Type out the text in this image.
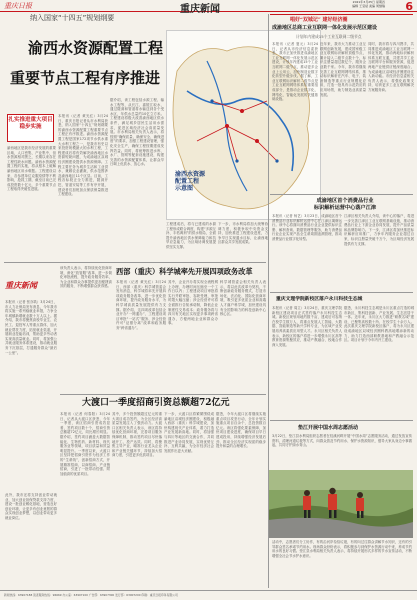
重庆日报	重庆新闻
2021年3月25日 星期四
编辑 王莹斌 美编 周继瑞 6
纳入国家“十四五”规划纲要
渝西水资源配置工程
重要节点工程有序推进
扎实推进重大项目稳步实施
本报讯（记者 黄光红）3月24日，重庆日报记者从市水利局获悉，纳入国家“十四五”规划纲要的渝西水资源配置工程重要节点工程正有序推进。渝西水资源配置工程是国家172项节水供水重大水利工程之一，是我市有史以来投资规模最大的水利工程，工程建成后将有效解决渝西地区水资源短缺问题，为成渝地区双城经济圈建设提供水资源保障。工程主要任务为城乡生活和工业供水，兼顾农业灌溉，供水范围涉及渝西地区11个区县。目前，工程各标段正全力推进，隧洞开挖、管道安装等工作有序开展，建设者们加班加点保质保量推进工程建设。
据介绍，该工程包括水源工程、输水工程等，从长江、嘉陵江取水，通过隧洞和管道将水输送到各个受水区，年供水总量约10亿立方米。工程建设将极大改善渝西地区供水条件，满足城乡居民生活用水需求，促进区域经济社会高质量发展。市水利局相关负责人表示，将按照“确保质量、确保安全、确保进度”的要求，加强工程建设管理，强化安全生产，确保工程按期建成发挥效益。同时，将统筹推进水库、水厂、管网等配套设施建设，构建完善的水资源配置体系，让群众早日喝上优质水、放心水。
渝西地区是我市经济发展的重要区域，人口密集、产业集中，但水资源相对匮乏，长期以来存在工程性缺水问题。渝西水资源配置工程的实施，将从根本上破解渝西地区用水难题。工程建设以来，各参建单位克服疫情等不利影响，抢抓工期，截至目前已完成投资数十亿元，多个重要节点工程取得突破性进展。
渝西水资源
配置工程
示意图
工程建成后，将与已建成的水源工程形成联合调度，构建“多源互补、丰枯调剂”的供水格局，全面提升渝西地区供水保障能力和抗旱应急能力，为区域协调发展提供坚实支撑。
下一步，市水利局将加大统筹协调力度，积极争取中央资金支持，加快推进工程建设进度，力争早日实现通水目标，让渝西地区群众共享发展成果。
唱好“双城记” 建好经济圈
成渝地区总商工业互联网一体化发展示范区建设
计划年内建成15个工业互联网二级节点
本报讯（记者 夏元）3月24日，记者从市经济信息委获悉，我市正加快推进成渝地区工业互联网一体化发展示范区建设，计划年内建成15个工业互联网二级节点，推动更多企业上云用云，加快制造业数字化转型升级步伐。据了解，工业互联网标识解析二级节点是工业互联网网络体系的重要组成部分，是推动企业数字化、网络化、智能化发展的关键基础设施。
近年来，我市大力推动工业互联网创新发展，建成国家级工业互联网标识解析顶级节点，累计接入二级节点数十个，标识注册量超过数亿个，服务企业数千家。今年，我市将继续完善工业互联网网络体系，推动标识解析在汽车、电子、装备制造等重点行业规模化应用，打造一批具有示范效应的应用场景，助力制造业高质量发展。
同时，我市将与四川携手，共同推进成渝地区工业互联网一体化发展，推动两地标识解析体系互联互通，共建共享工业互联网平台和服务资源，促进两地产业链供应链深度融合，为成渝地区双城经济圈建设注入新动能。市经济信息委相关负责人表示，将强化政策支持，培育更多工业互联网解决方案服务商。
成渝地区首个消费品行业
标识解析运营中心落户江津
本报讯（记者 杨艺）3月23日，成渝地区首个消费品行业标识解析运营中心在江津区揭牌运行。该中心将面向消费品行业企业提供标识注册、解析查询、数据管理等服务，助力消费品行业企业实现产品全生命周期追溯管理，推动消费品行业数字化转型。
江津区相关负责人介绍，该中心的落户，将进一步完善江津区工业互联网基础设施，推动消费品行业上下游企业协同发展，提升产品质量和品牌影响力。下一步，江津区将加快推进标识解析应用推广，力争年内服务企业超过百家，标识注册量突破千万个，为区域经济发展提供有力支撑。
重庆文理学院新校区落户永川科技生态城
本报讯（记者 周立）3月24日，重庆文理学院新校区建设项目正式签约落户永川科技生态城。新校区规划用地约数千亩，建成后可容纳在校学生数万人，将重点发展人工智能、大数据、智能制造等新兴学科专业，为区域产业发展培养高素质应用型人才。永川区相关负责人表示，新校区的落户将进一步增强永川区高等教育资源集聚效应，推动产教融合、校地合作深入发展。
据悉，永川科技生态城是永川区重点打造的城市新区，集科技创新、产业发展、生态宜居于一体。近年来，永川区大力推进“职教名城”建设，已聚集高校数十所、在校学生十余万人。此次重庆文理学院新校区落户，将为永川区建设成渝地区双城经济圈科教高地增添新的动力，助力打造西部职教基地和产教融合示范区。项目计划于今年内开工建设。
垫江开展中国水周志愿活动
3月22日，垫江县水利局组织志愿者在桂溪河畔开展“中国水周”志愿服务活动，通过发放宣传资料、清理河道垃圾等方式，向群众普及节约用水、保护水资源知识，倡导大家从身边小事做起，共同守护绿水青山。
活动中，志愿者们分工协作，有的沿河岸捡拾垃圾，有的向过往群众讲解节水知识，还有的引导群众签名承诺节约用水。现场群众纷纷表示，将积极参与到保护水资源行动中来，养成节约用水的良好习惯。垫江县水利局相关负责人表示，将持续开展形式多样的节水宣传活动，不断增强全社会节水护水意识。
重庆新闻
本报讯（记者 张亦筑）3月24日，市人力社保局发布消息，今年我市将实施一系列稳就业举措，力争全年城镇新增就业数十万人以上。据介绍，我市将聚焦高校毕业生、农民工、退役军人等重点群体，加大就业帮扶力度，拓宽就业渠道，开展职业技能培训，帮助更多劳动者实现高质量就业。同时，将加强公共就业服务体系建设，推动就业服务下沉基层，打通服务群众“最后一公里”。
此外，我市还将支持创业带动就业，加大创业担保贷款支持力度，建设一批创业孵化基地，营造良好创业环境，让更多有创业意愿的群众实现创业梦想，以创业带动更多就业岗位。
该负责人表示，将持续优化营商环境，深化“放管服”改革，进一步简化审批流程，提升政务服务效率，为企业和群众办事提供更加便捷高效的服务，不断增强群众获得感。
西部（重庆）科学城率先开展四项政务改革
本报讯（记者 黄光红）3月24日，西部（重庆）科学城管委会发布消息，科学城将率先开展四项政务服务改革，进一步优化营商环境，提升政务服务水平，为科学城高质量发展提供有力支撑。据介绍，这四项改革包括企业开办“一网通办”、工程建设项目审批“一站式”服务、涉企经营许可“证照分离”改革和政务服务“跨省通办”。
其中，企业开办将实现全流程网上办理，办理时间压缩至一个工作日以内；工程建设项目审批将实行并联审批、容缺受理，审批时限大幅压缩；涉企经营许可将全面推行告知承诺制，降低企业制度性交易成本；政务服务将与四川有关地区实现更多事项跨省通办，方便两地企业和群众办事。
科学城管委会相关负责人表示，将以此次改革为契机，不断创新政务服务模式，打造市场化、法治化、国际化营商环境，吸引更多优质企业和高端人才落户科学城，加快建设具有全国影响力的科技创新中心核心区。
大渡口一季度招商引资总额超72亿元
本报讯（记者 何春阳）3月24日，记者从大渡口区获悉，今年一季度，该区招商引资成效显著，签约项目数十个，招商引资总额超72亿元，同比增长明显。据介绍，签约项目涵盖大数据智能化、生物医药、新材料、现代服务业等领域，项目质量和效益明显提升。一季度以来，大渡口区坚持把招商引资作为经济工作的“生命线”，创新招商方式，开展精准招商、以商招商、产业链招商，引进了一批带动性强、附加值高的优质项目。
其中，多个投资额超过亿元的重大项目成功签约，为全区经济高质量发展注入了强劲动力。大渡口区相关负责人表示，该区将持续优化营商环境，完善项目服务保障机制，推动签约项目尽快落地开工、投产达效。同时，将聚焦主导产业，瞄准行业龙头企业和产业链关键环节，持续加大招商力度，引进更多优质项目。
下一步，大渡口区将紧紧围绕成渝地区双城经济圈建设，积极融入西部（重庆）科学城建设，加快构建现代产业体系，着力打造产业发展新高地。同时，将加强与四川等地区的交流合作，共同推进产业协同发展，实现优势互补、互利共赢，为全市经济社会发展作出更大贡献。
据悉，今年大渡口区将继续实施重点项目攻坚行动，全年计划实施重点项目百余个，总投资数百亿元。该区将强化要素保障，加快项目建设进度，确保项目早日建成投用，持续增强经济发展后劲，推动全区经济实现质的稳步提升和量的合理增长。
新闻热线：63907188 读者服务热线：96669 办公室：63907100 广告部：63907300 发行部：63907200 印刷：重庆日报印务有限公司
